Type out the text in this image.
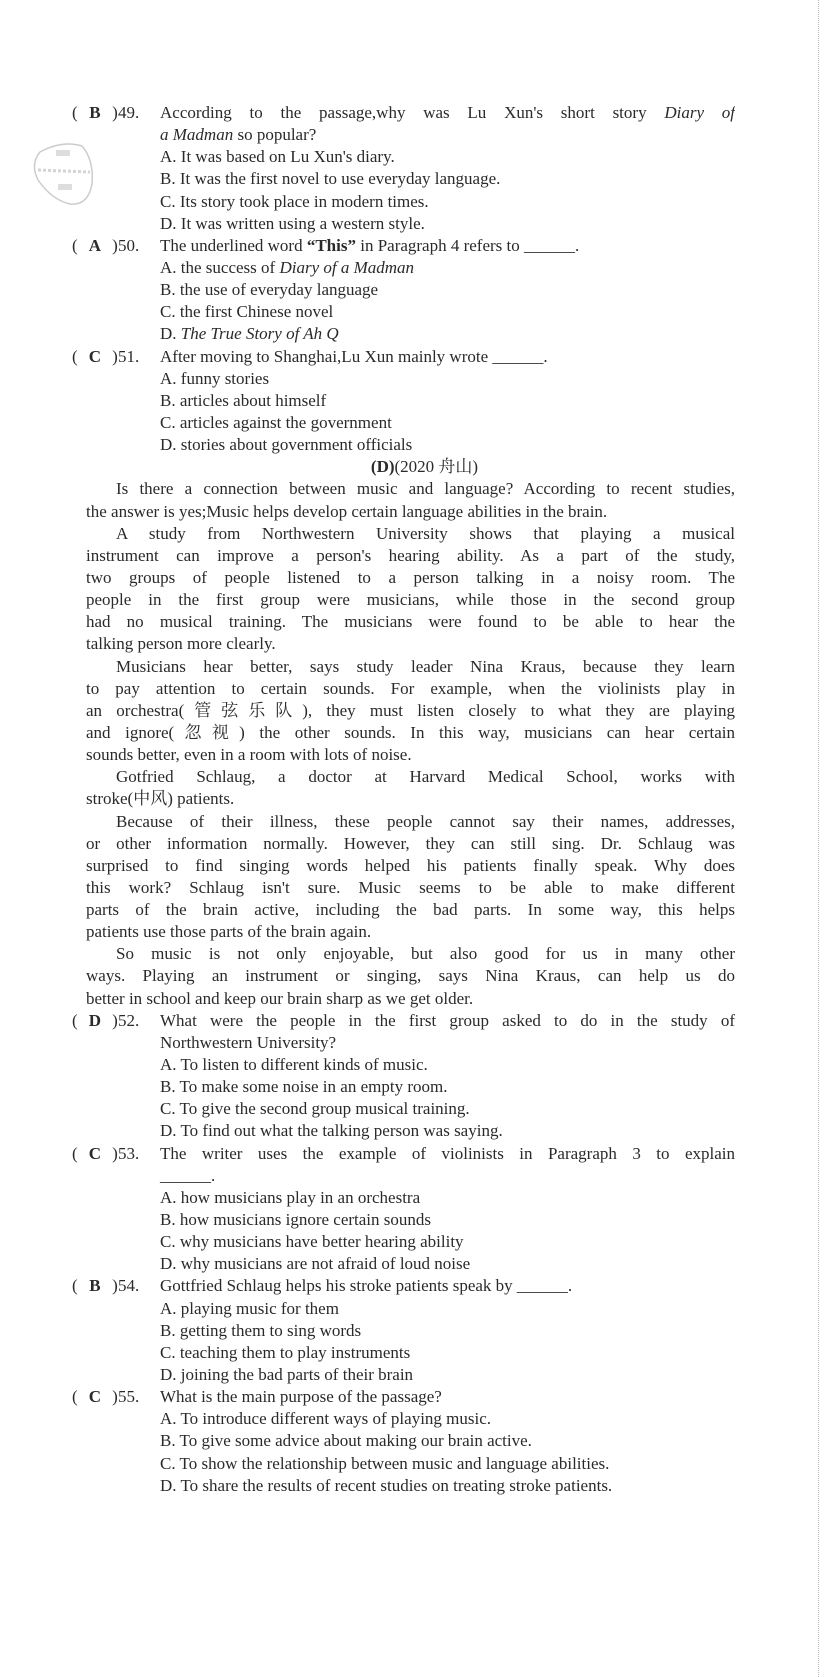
( B ) 49. According to the passage,why was Lu Xun's short story Diary of
a Madman so popular?
A. It was based on Lu Xun's diary.
B. It was the first novel to use everyday language.
C. Its story took place in modern times.
D. It was written using a western style.
( A ) 50. The underlined word “This” in Paragraph 4 refers to ______.
A. the success of Diary of a Madman
B. the use of everyday language
C. the first Chinese novel
D. The True Story of Ah Q
( C ) 51. After moving to Shanghai,Lu Xun mainly wrote ______.
A. funny stories
B. articles about himself
C. articles against the government
D. stories about government officials
(D)(2020 舟山)
Is there a connection between music and language? According to recent studies,
the answer is yes;Music helps develop certain language abilities in the brain.
A study from Northwestern University shows that playing a musical
instrument can improve a person's hearing ability. As a part of the study,
two groups of people listened to a person talking in a noisy room. The
people in the first group were musicians, while those in the second group
had no musical training. The musicians were found to be able to hear the
talking person more clearly.
Musicians hear better, says study leader Nina Kraus, because they learn
to pay attention to certain sounds. For example, when the violinists play in
an orchestra(管弦乐队), they must listen closely to what they are playing
and ignore(忽视) the other sounds. In this way, musicians can hear certain
sounds better, even in a room with lots of noise.
Gotfried Schlaug, a doctor at Harvard Medical School, works with
stroke(中风) patients.
Because of their illness, these people cannot say their names, addresses,
or other information normally. However, they can still sing. Dr. Schlaug was
surprised to find singing words helped his patients finally speak. Why does
this work? Schlaug isn't sure. Music seems to be able to make different
parts of the brain active, including the bad parts. In some way, this helps
patients use those parts of the brain again.
So music is not only enjoyable, but also good for us in many other
ways. Playing an instrument or singing, says Nina Kraus, can help us do
better in school and keep our brain sharp as we get older.
( D ) 52. What were the people in the first group asked to do in the study of
Northwestern University?
A. To listen to different kinds of music.
B. To make some noise in an empty room.
C. To give the second group musical training.
D. To find out what the talking person was saying.
( C ) 53. The writer uses the example of violinists in Paragraph 3 to explain
______.
A. how musicians play in an orchestra
B. how musicians ignore certain sounds
C. why musicians have better hearing ability
D. why musicians are not afraid of loud noise
( B ) 54. Gottfried Schlaug helps his stroke patients speak by ______.
A. playing music for them
B. getting them to sing words
C. teaching them to play instruments
D. joining the bad parts of their brain
( C ) 55. What is the main purpose of the passage?
A. To introduce different ways of playing music.
B. To give some advice about making our brain active.
C. To show the relationship between music and language abilities.
D. To share the results of recent studies on treating stroke patients.
